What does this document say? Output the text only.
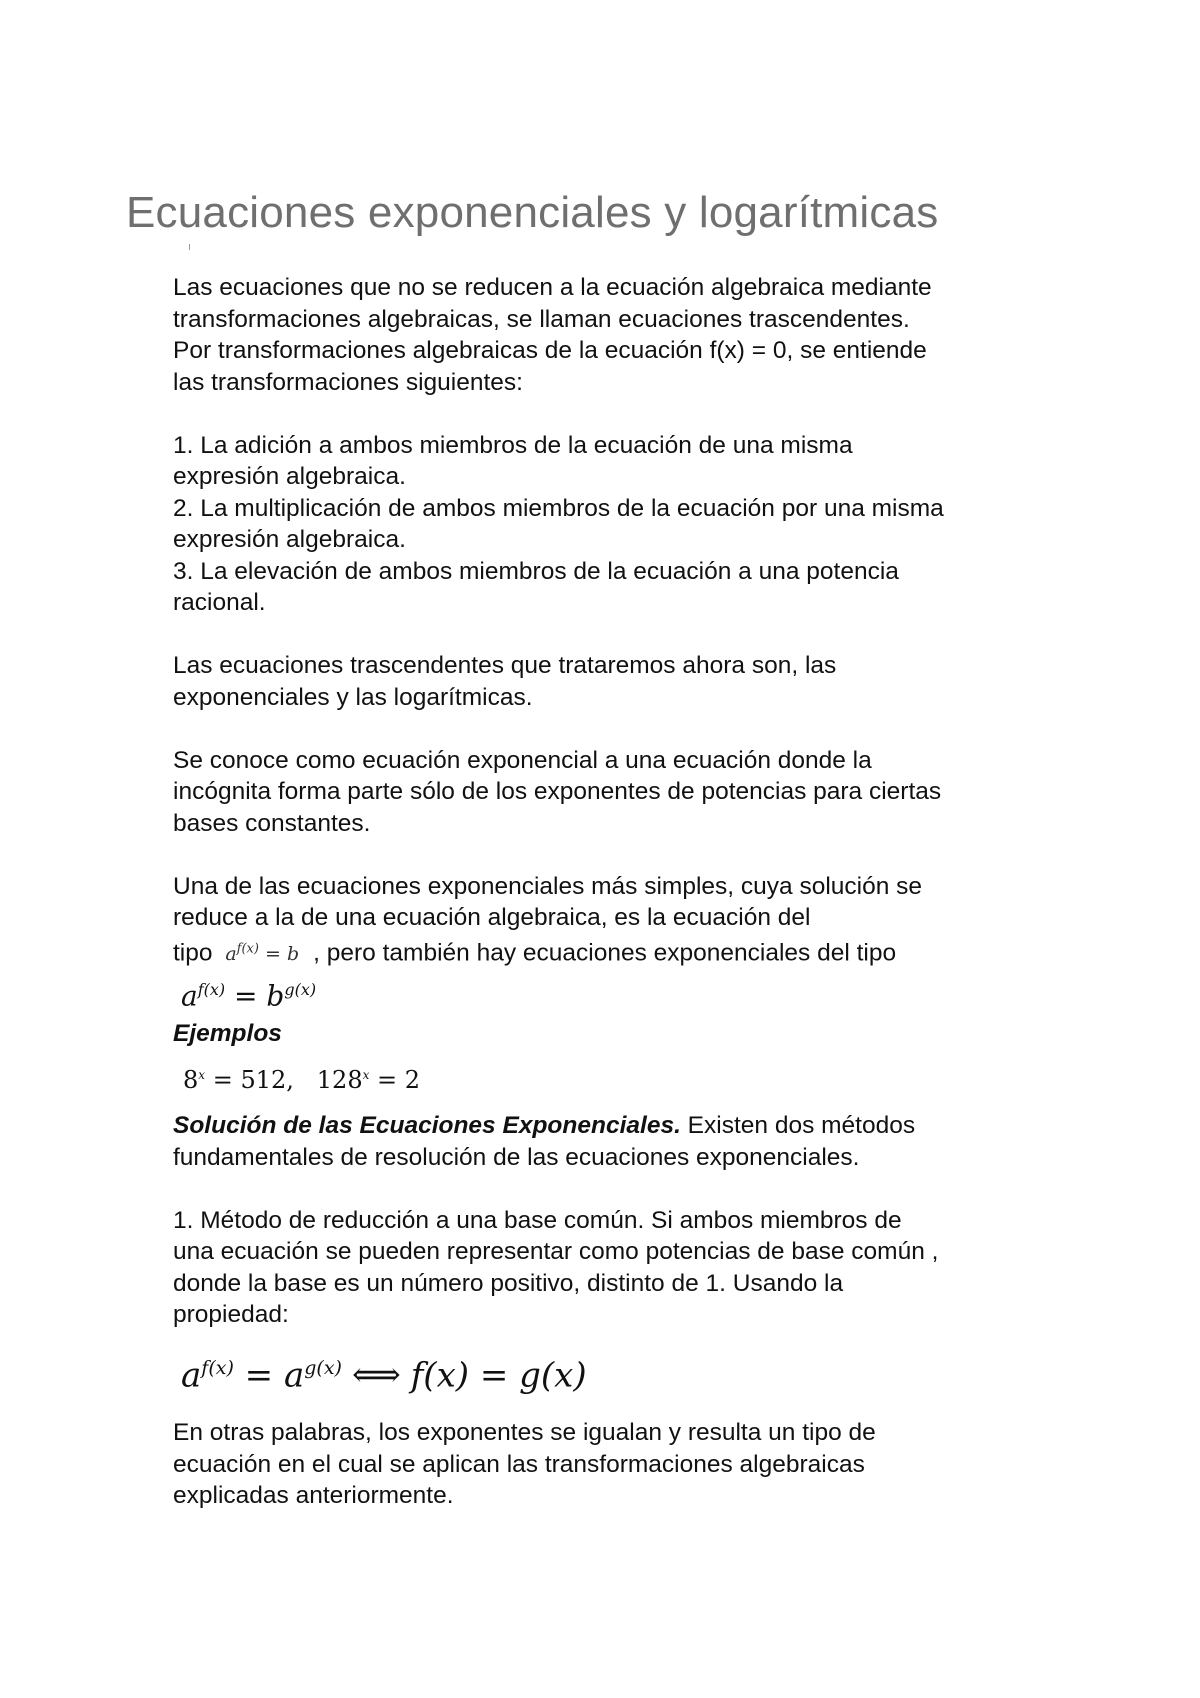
Ecuaciones exponenciales y logarítmicas

Las ecuaciones que no se reducen a la ecuación algebraica mediante

transformaciones algebraicas, se llaman ecuaciones trascendentes.

Por transformaciones algebraicas de la ecuación f(x) = 0, se entiende

las transformaciones siguientes:

1. La adición a ambos miembros de la ecuación de una misma

expresión algebraica.

2. La multiplicación de ambos miembros de la ecuación por una misma

expresión algebraica.

3. La elevación de ambos miembros de la ecuación a una potencia

racional.

Las ecuaciones trascendentes que trataremos ahora son, las

exponenciales y las logarítmicas.

Se conoce como ecuación exponencial a una ecuación donde la

incógnita forma parte sólo de los exponentes de potencias para ciertas

bases constantes.

Una de las ecuaciones exponenciales más simples, cuya solución se

reduce a la de una ecuación algebraica, es la ecuación del

tipo $a^{f(x)} = b$ , pero también hay ecuaciones exponenciales del tipo

$a^{f(x)} = b^{g(x)}$

Ejemplos

$8^x = 512$, $128^x = 2$

Solución de las Ecuaciones Exponenciales. Existen dos métodos

fundamentales de resolución de las ecuaciones exponenciales.

1. Método de reducción a una base común. Si ambos miembros de

una ecuación se pueden representar como potencias de base común ,

donde la base es un número positivo, distinto de 1. Usando la

propiedad:

$a^{f(x)} = a^{g(x)}$ ⟺ f(x) = g(x)

En otras palabras, los exponentes se igualan y resulta un tipo de

ecuación en el cual se aplican las transformaciones algebraicas

explicadas anteriormente.
